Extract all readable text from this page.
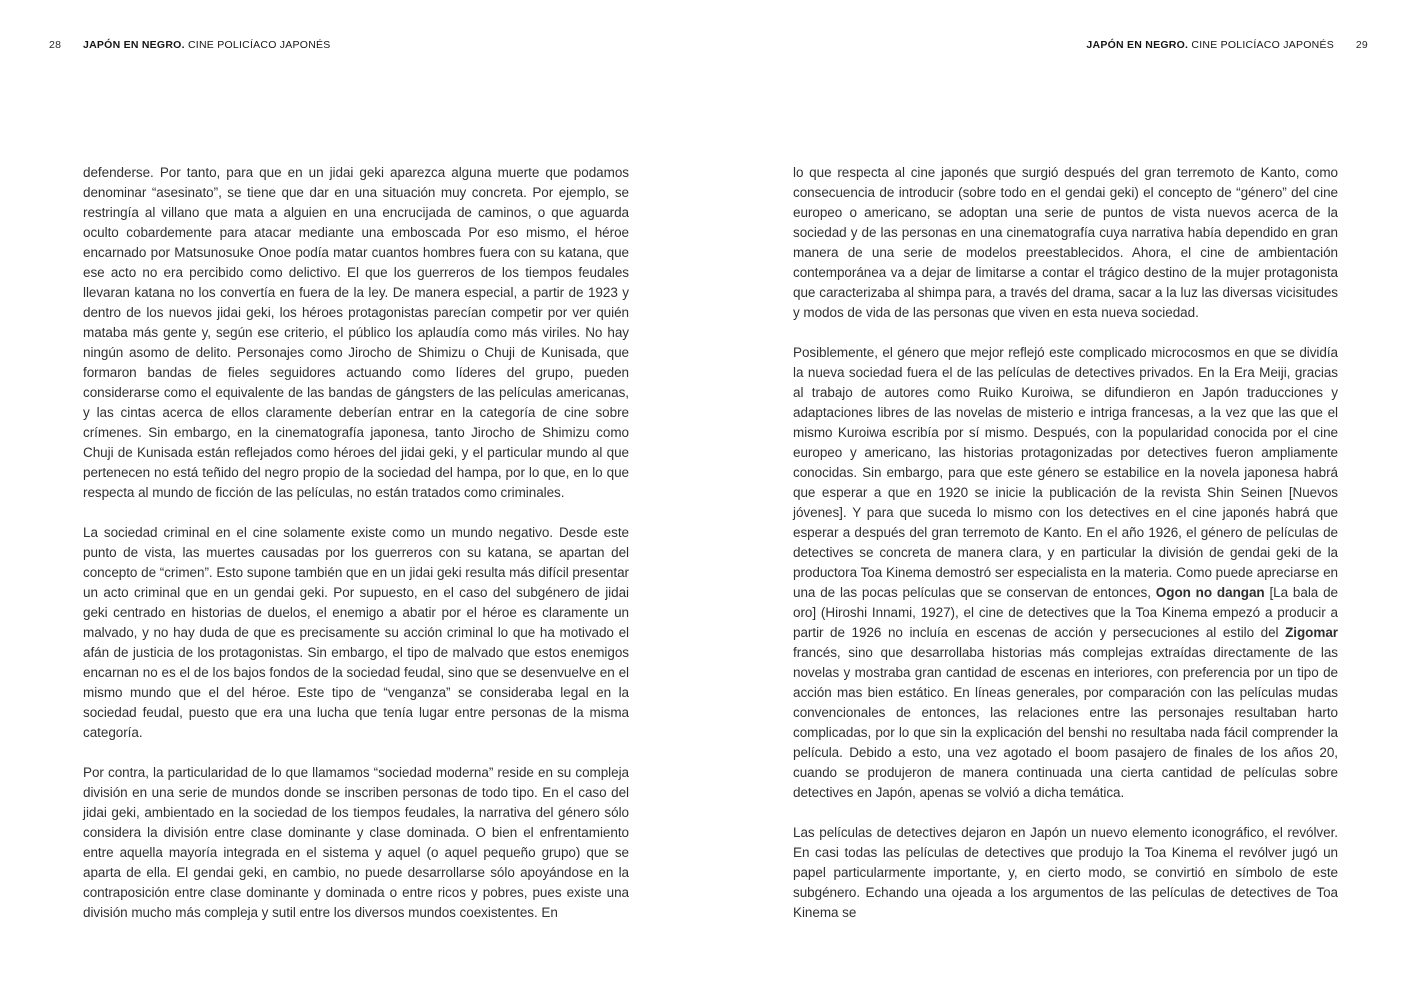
28 JAPÓN EN NEGRO. CINE POLICÍACO JAPONÉS	JAPÓN EN NEGRO. CINE POLICÍACO JAPONÉS 29

defenderse. Por tanto, para que en un jidai geki aparezca alguna muerte que podamos denominar “asesinato”, se tiene que dar en una situación muy concreta. Por ejemplo, se restringía al villano que mata a alguien en una encrucijada de caminos, o que aguarda oculto cobardemente para atacar mediante una emboscada Por eso mismo, el héroe encarnado por Matsunosuke Onoe podía matar cuantos hombres fuera con su katana, que ese acto no era percibido como delictivo. El que los guerreros de los tiempos feudales llevaran katana no los convertía en fuera de la ley. De manera especial, a partir de 1923 y dentro de los nuevos jidai geki, los héroes protagonistas parecían competir por ver quién mataba más gente y, según ese criterio, el público los aplaudía como más viriles. No hay ningún asomo de delito. Personajes como Jirocho de Shimizu o Chuji de Kunisada, que formaron bandas de fieles seguidores actuando como líderes del grupo, pueden considerarse como el equivalente de las bandas de gángsters de las películas americanas, y las cintas acerca de ellos claramente deberían entrar en la categoría de cine sobre crímenes. Sin embargo, en la cinematografía japonesa, tanto Jirocho de Shimizu como Chuji de Kunisada están reflejados como héroes del jidai geki, y el particular mundo al que pertenecen no está teñido del negro propio de la sociedad del hampa, por lo que, en lo que respecta al mundo de ficción de las películas, no están tratados como criminales.

La sociedad criminal en el cine solamente existe como un mundo negativo. Desde este punto de vista, las muertes causadas por los guerreros con su katana, se apartan del concepto de “crimen”. Esto supone también que en un jidai geki resulta más difícil presentar un acto criminal que en un gendai geki. Por supuesto, en el caso del subgénero de jidai geki centrado en historias de duelos, el enemigo a abatir por el héroe es claramente un malvado, y no hay duda de que es precisamente su acción criminal lo que ha motivado el afán de justicia de los protagonistas. Sin embargo, el tipo de malvado que estos enemigos encarnan no es el de los bajos fondos de la sociedad feudal, sino que se desenvuelve en el mismo mundo que el del héroe. Este tipo de “venganza” se consideraba legal en la sociedad feudal, puesto que era una lucha que tenía lugar entre personas de la misma categoría.

Por contra, la particularidad de lo que llamamos “sociedad moderna” reside en su compleja división en una serie de mundos donde se inscriben personas de todo tipo. En el caso del jidai geki, ambientado en la sociedad de los tiempos feudales, la narrativa del género sólo considera la división entre clase dominante y clase dominada. O bien el enfrentamiento entre aquella mayoría integrada en el sistema y aquel (o aquel pequeño grupo) que se aparta de ella. El gendai geki, en cambio, no puede desarrollarse sólo apoyándose en la contraposición entre clase dominante y dominada o entre ricos y pobres, pues existe una división mucho más compleja y sutil entre los diversos mundos coexistentes. En

lo que respecta al cine japonés que surgió después del gran terremoto de Kanto, como consecuencia de introducir (sobre todo en el gendai geki) el concepto de “género” del cine europeo o americano, se adoptan una serie de puntos de vista nuevos acerca de la sociedad y de las personas en una cinematografía cuya narrativa había dependido en gran manera de una serie de modelos preestablecidos. Ahora, el cine de ambientación contemporánea va a dejar de limitarse a contar el trágico destino de la mujer protagonista que caracterizaba al shimpa para, a través del drama, sacar a la luz las diversas vicisitudes y modos de vida de las personas que viven en esta nueva sociedad.

Posiblemente, el género que mejor reflejó este complicado microcosmos en que se dividía la nueva sociedad fuera el de las películas de detectives privados. En la Era Meiji, gracias al trabajo de autores como Ruiko Kuroiwa, se difundieron en Japón traducciones y adaptaciones libres de las novelas de misterio e intriga francesas, a la vez que las que el mismo Kuroiwa escribía por sí mismo. Después, con la popularidad conocida por el cine europeo y americano, las historias protagonizadas por detectives fueron ampliamente conocidas. Sin embargo, para que este género se estabilice en la novela japonesa habrá que esperar a que en 1920 se inicie la publicación de la revista Shin Seinen [Nuevos jóvenes]. Y para que suceda lo mismo con los detectives en el cine japonés habrá que esperar a después del gran terremoto de Kanto. En el año 1926, el género de películas de detectives se concreta de manera clara, y en particular la división de gendai geki de la productora Toa Kinema demostró ser especialista en la materia. Como puede apreciarse en una de las pocas películas que se conservan de entonces, Ogon no dangan [La bala de oro] (Hiroshi Innami, 1927), el cine de detectives que la Toa Kinema empezó a producir a partir de 1926 no incluía en escenas de acción y persecuciones al estilo del Zigomar francés, sino que desarrollaba historias más complejas extraídas directamente de las novelas y mostraba gran cantidad de escenas en interiores, con preferencia por un tipo de acción mas bien estático. En líneas generales, por comparación con las películas mudas convencionales de entonces, las relaciones entre las personajes resultaban harto complicadas, por lo que sin la explicación del benshi no resultaba nada fácil comprender la película. Debido a esto, una vez agotado el boom pasajero de finales de los años 20, cuando se produjeron de manera continuada una cierta cantidad de películas sobre detectives en Japón, apenas se volvió a dicha temática.

Las películas de detectives dejaron en Japón un nuevo elemento iconográfico, el revólver. En casi todas las películas de detectives que produjo la Toa Kinema el revólver jugó un papel particularmente importante, y, en cierto modo, se convirtió en símbolo de este subgénero. Echando una ojeada a los argumentos de las películas de detectives de Toa Kinema se
